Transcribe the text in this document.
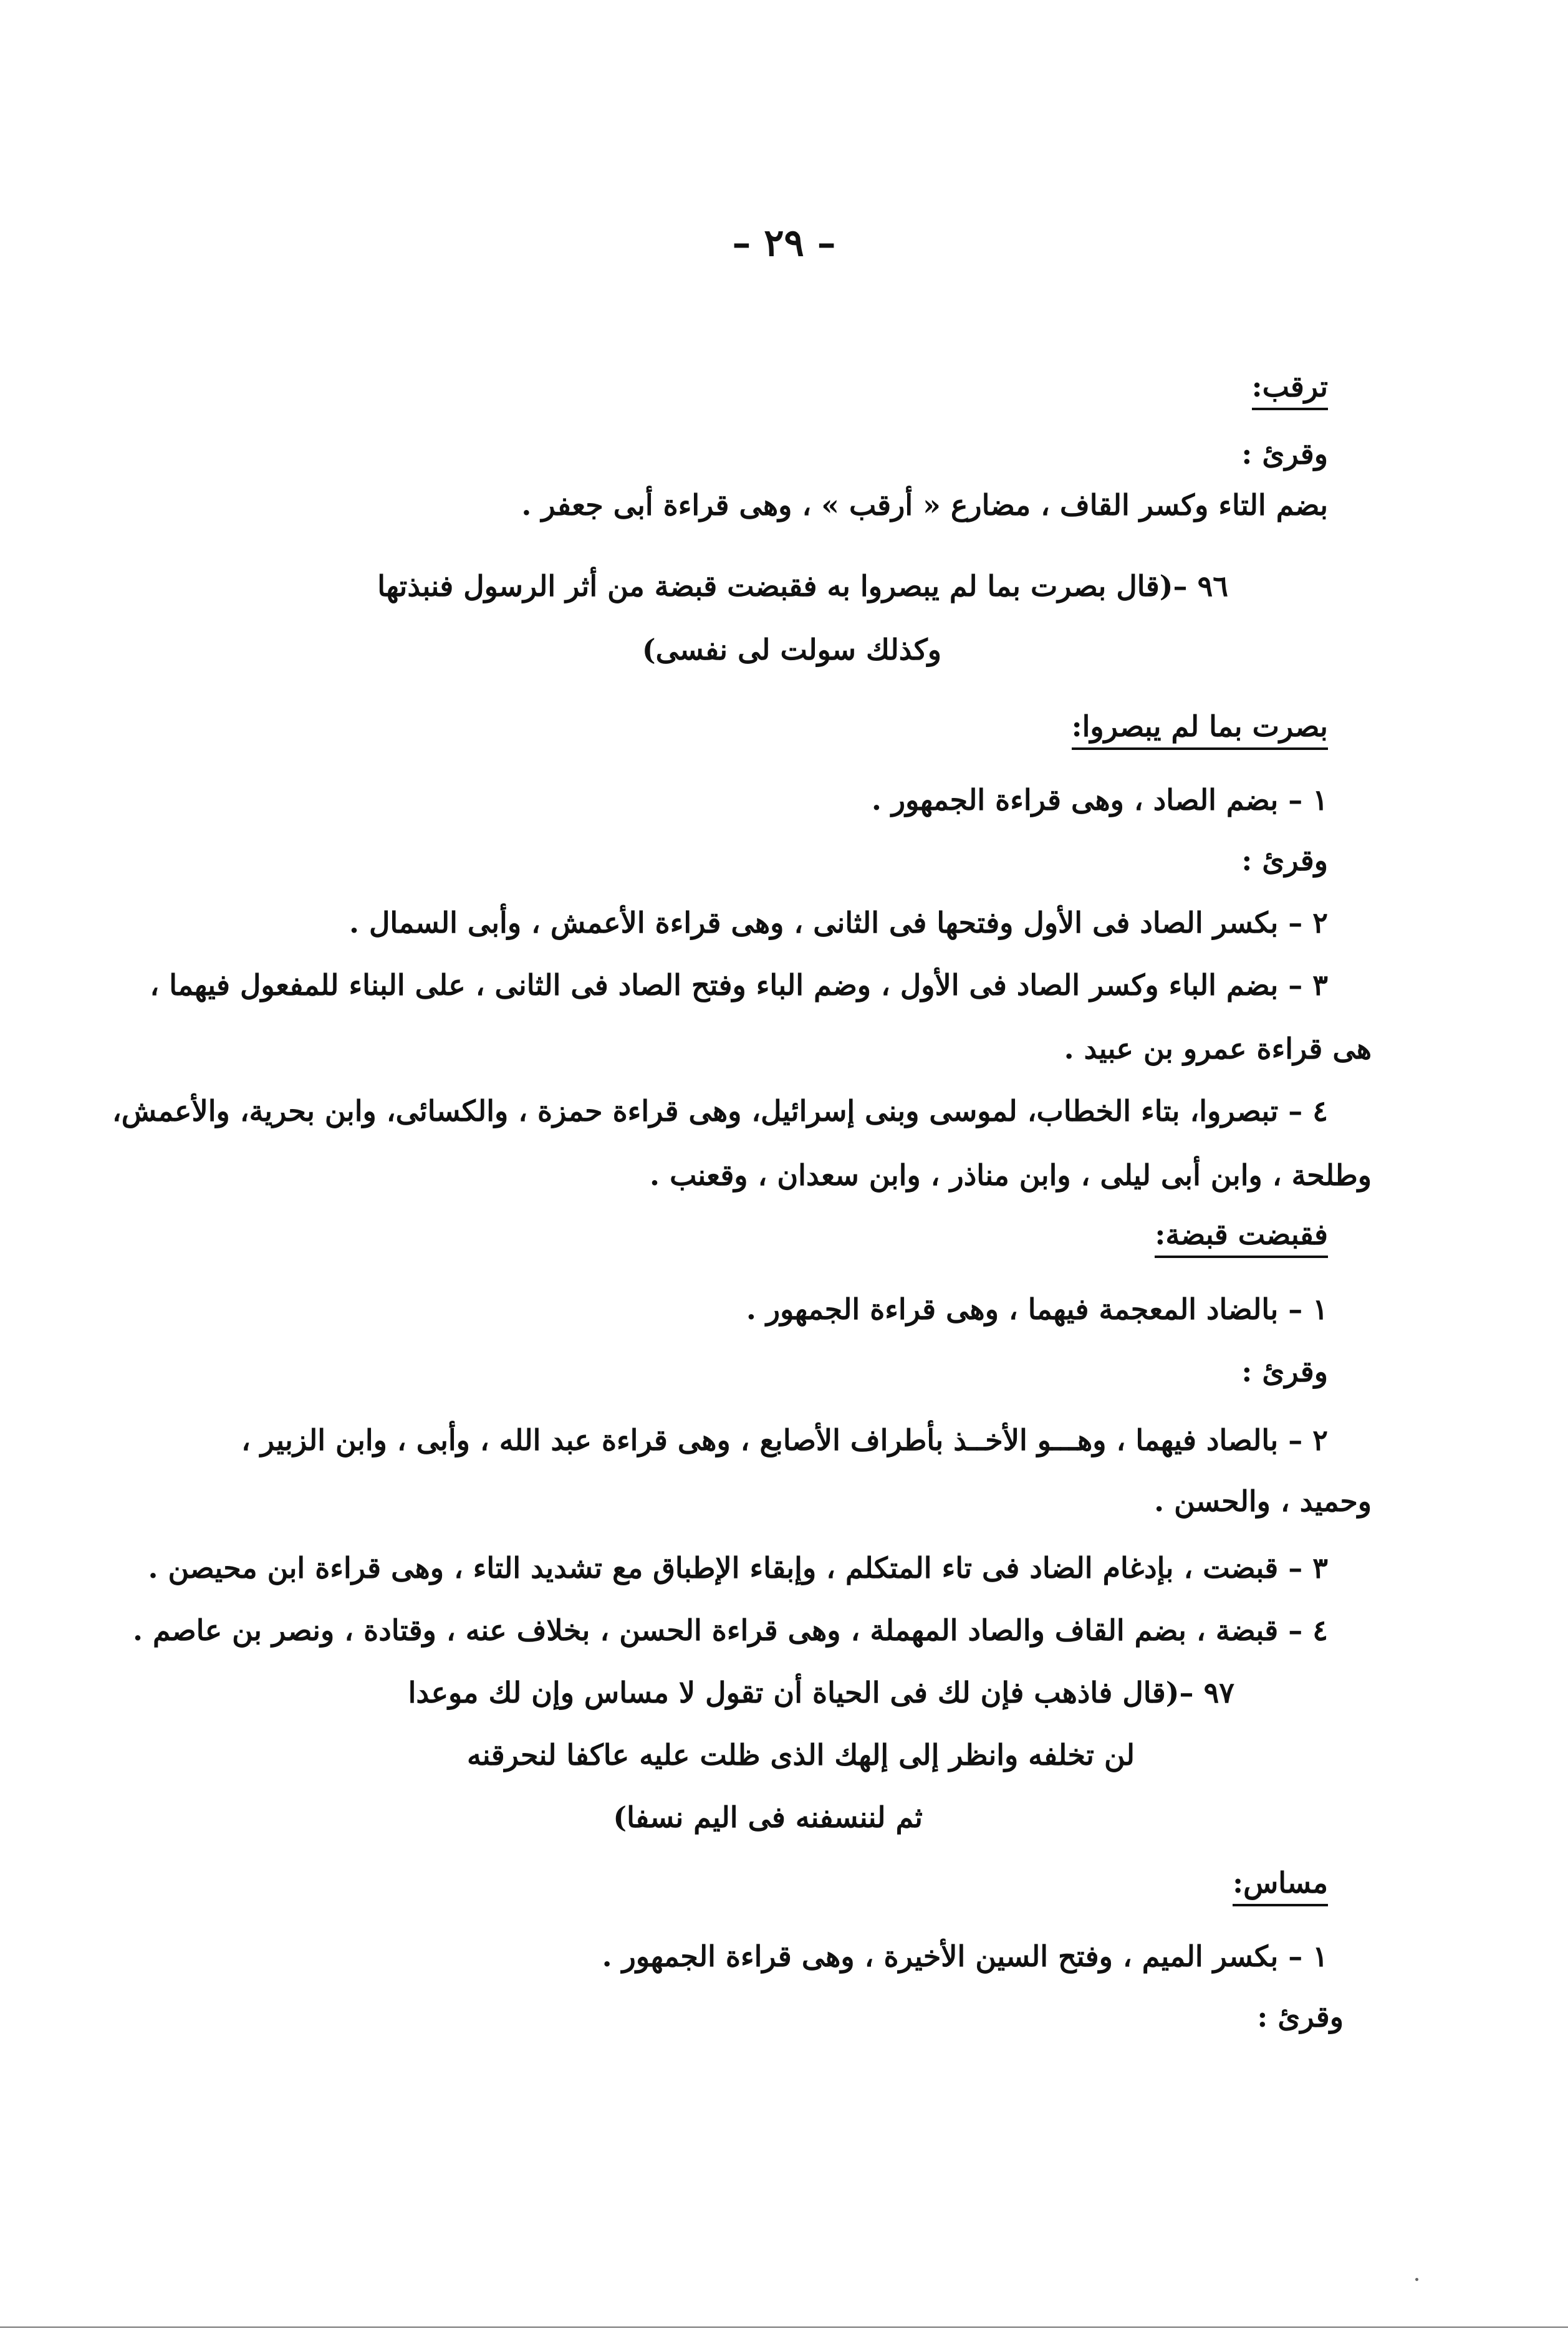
– ٢٩ –
ترقب:
وقرئ :
بضم التاء وكسر القاف ، مضارع « أرقب » ، وهى قراءة أبى جعفر .
٩٦ –(قال بصرت بما لم يبصروا به فقبضت قبضة من أثر الرسول فنبذتها
وكذلك سولت لى نفسى)
بصرت بما لم يبصروا:
١ – بضم الصاد ، وهى قراءة الجمهور .
وقرئ :
٢ – بكسر الصاد فى الأول وفتحها فى الثانى ، وهى قراءة الأعمش ، وأبى السمال .
٣ – بضم الباء وكسر الصاد فى الأول ، وضم الباء وفتح الصاد فى الثانى ، على البناء للمفعول فيهما ،
هى قراءة عمرو بن عبيد .
٤ – تبصروا، بتاء الخطاب، لموسى وبنى إسرائيل، وهى قراءة حمزة ، والكسائى، وابن بحرية، والأعمش،
وطلحة ، وابن أبى ليلى ، وابن مناذر ، وابن سعدان ، وقعنب .
فقبضت قبضة:
١ – بالضاد المعجمة فيهما ، وهى قراءة الجمهور .
وقرئ :
٢ – بالصاد فيهما ، وهـــو الأخــذ بأطراف الأصابع ، وهى قراءة عبد الله ، وأبى ، وابن الزبير ،
وحميد ، والحسن .
٣ – قبضت ، بإدغام الضاد فى تاء المتكلم ، وإبقاء الإطباق مع تشديد التاء ، وهى قراءة ابن محيصن .
٤ – قبضة ، بضم القاف والصاد المهملة ، وهى قراءة الحسن ، بخلاف عنه ، وقتادة ، ونصر بن عاصم .
٩٧ –(قال فاذهب فإن لك فى الحياة أن تقول لا مساس وإن لك موعدا
لن تخلفه وانظر إلى إلهك الذى ظلت عليه عاكفا لنحرقنه
ثم لننسفنه فى اليم نسفا)
مساس:
١ – بكسر الميم ، وفتح السين الأخيرة ، وهى قراءة الجمهور .
وقرئ :
